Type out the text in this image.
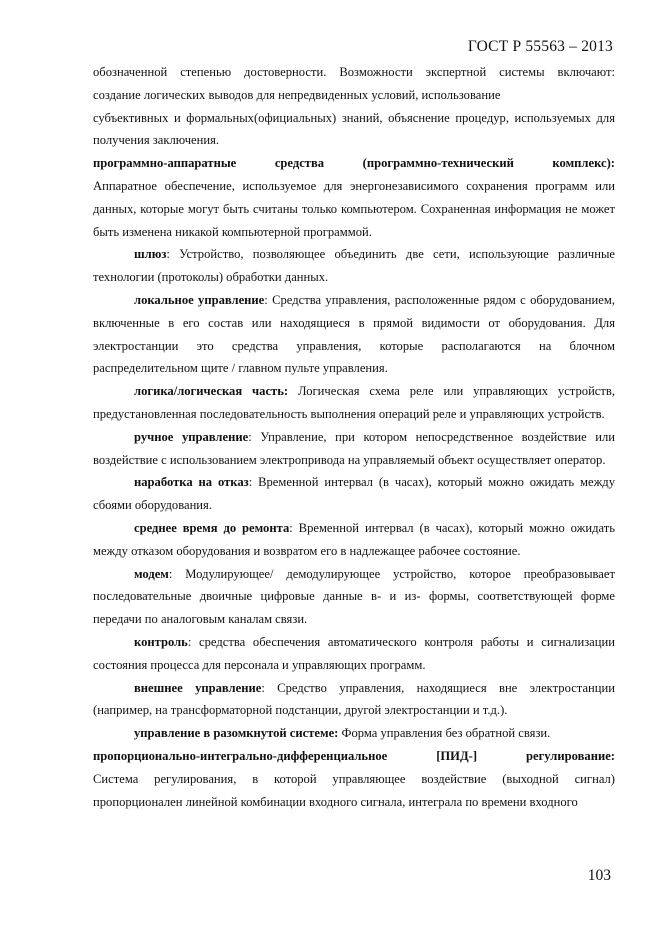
ГОСТ Р 55563 – 2013

обозначенной степенью достоверности. Возможности экспертной системы включают:

создание логических выводов для непредвиденных условий, использование

субъективных и формальных(официальных) знаний, объяснение процедур, используемых для получения заключения.

программно-аппаратные средства (программно-технический комплекс):
Аппаратное обеспечение, используемое для энергонезависимого сохранения программ или данных, которые могут быть считаны только компьютером. Сохраненная информация не может быть изменена никакой компьютерной программой.

шлюз: Устройство, позволяющее объединить две сети, использующие различные технологии (протоколы) обработки данных.

локальное управление: Средства управления, расположенные рядом с оборудованием, включенные в его состав или находящиеся в прямой видимости от оборудования. Для электростанции это средства управления, которые располагаются на блочном распределительном щите / главном пульте управления.

логика/логическая часть: Логическая схема реле или управляющих устройств, предустановленная последовательность выполнения операций реле и управляющих устройств.

ручное управление: Управление, при котором непосредственное воздействие или воздействие с использованием электропривода на управляемый объект осуществляет оператор.

наработка на отказ: Временной интервал (в часах), который можно ожидать между сбоями оборудования.

среднее время до ремонта: Временной интервал (в часах), который можно ожидать между отказом оборудования и возвратом его в надлежащее рабочее состояние.

модем: Модулирующее/ демодулирующее устройство, которое преобразовывает последовательные двоичные цифровые данные в- и из- формы, соответствующей форме передачи по аналоговым каналам связи.

контроль: средства обеспечения автоматического контроля работы и сигнализации состояния процесса для персонала и управляющих программ.

внешнее управление: Средство управления, находящиеся вне электростанции (например, на трансформаторной подстанции, другой электростанции и т.д.).

управление в разомкнутой системе: Форма управления без обратной связи.

пропорционально-интегрально-дифференциальное [ПИД-] регулирование:
Система регулирования, в которой управляющее воздействие (выходной сигнал) пропорционален линейной комбинации входного сигнала, интеграла по времени входного

103
